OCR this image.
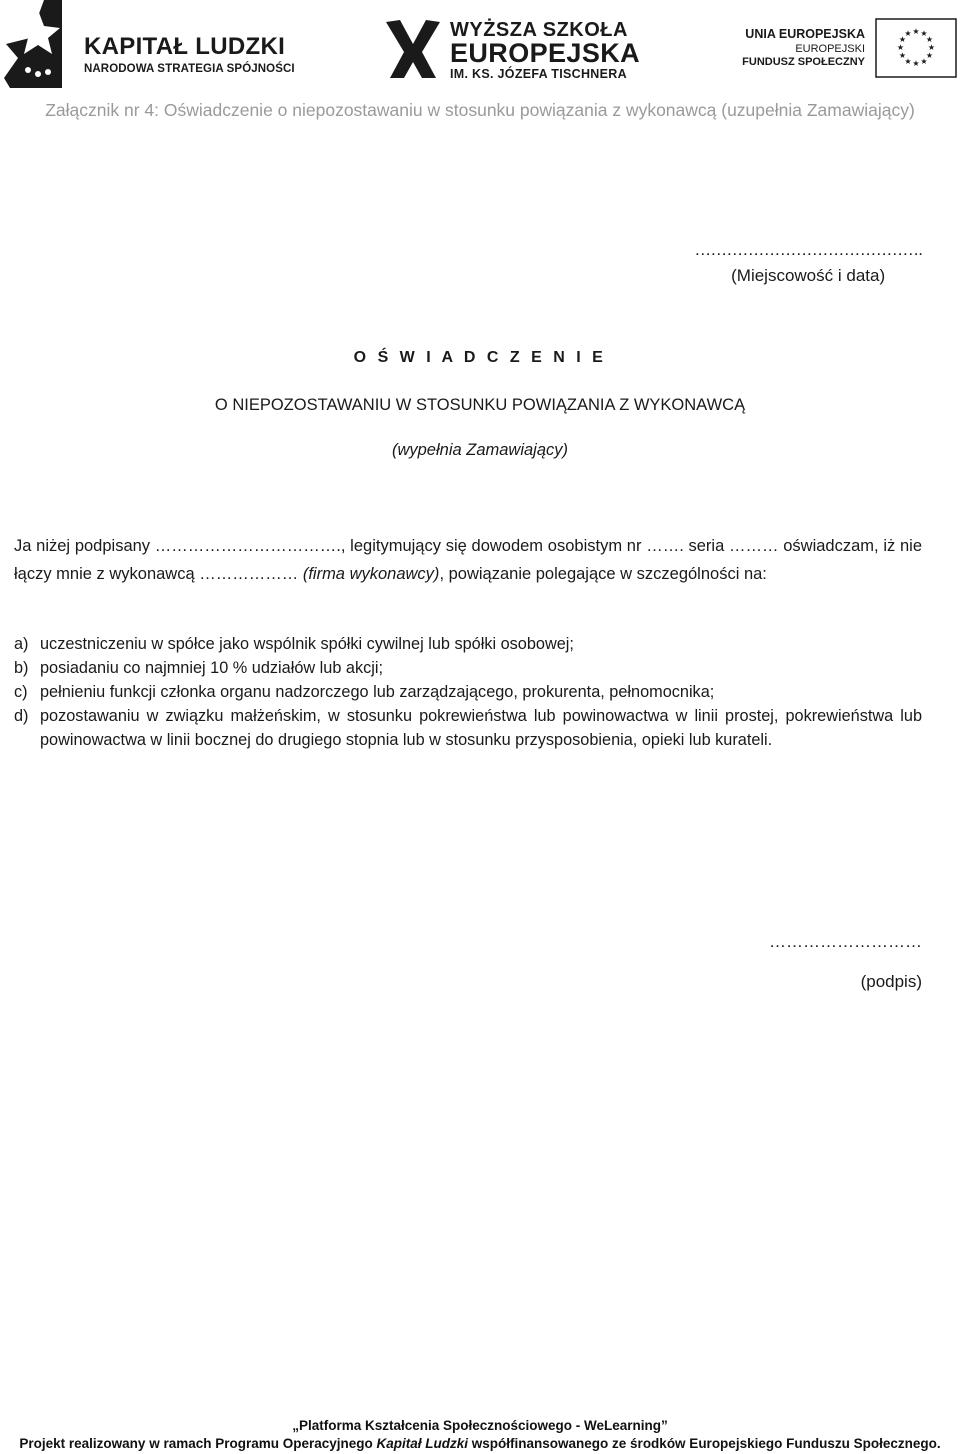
KAPITAŁ LUDZKI
NARODOWA STRATEGIA SPÓJNOŚCI
WYŻSZA SZKOŁA
EUROPEJSKA
IM. KS. JÓZEFA TISCHNERA
UNIA EUROPEJSKA
EUROPEJSKI
FUNDUSZ SPOŁECZNY
★ ★
★
★
★
★
★
★
★
★
★
★
Załącznik nr 4: Oświadczenie o niepozostawaniu w stosunku powiązania z wykonawcą (uzupełnia Zamawiający)
…………………………………….
(Miejscowość i data)
O Ś W I A D C Z E N I E
O NIEPOZOSTAWANIU W STOSUNKU POWIĄZANIA Z WYKONAWCĄ
(wypełnia Zamawiający)
Ja niżej podpisany ……………………………., legitymujący się dowodem osobistym nr ……. seria ……… oświadczam, iż nie łączy mnie z wykonawcą ……………… (firma wykonawcy), powiązanie polegające w szczególności na:
a) uczestniczeniu w spółce jako wspólnik spółki cywilnej lub spółki osobowej;
b) posiadaniu co najmniej 10 % udziałów lub akcji;
c) pełnieniu funkcji członka organu nadzorczego lub zarządzającego, prokurenta, pełnomocnika;
d) pozostawaniu w związku małżeńskim, w stosunku pokrewieństwa lub powinowactwa w linii prostej, pokrewieństwa lub powinowactwa w linii bocznej do drugiego stopnia lub w stosunku przysposobienia, opieki lub kurateli.
………………………
(podpis)
„Platforma Kształcenia Społecznościowego - WeLearning”
Projekt realizowany w ramach Programu Operacyjnego Kapitał Ludzki współfinansowanego ze środków Europejskiego Funduszu Społecznego.
